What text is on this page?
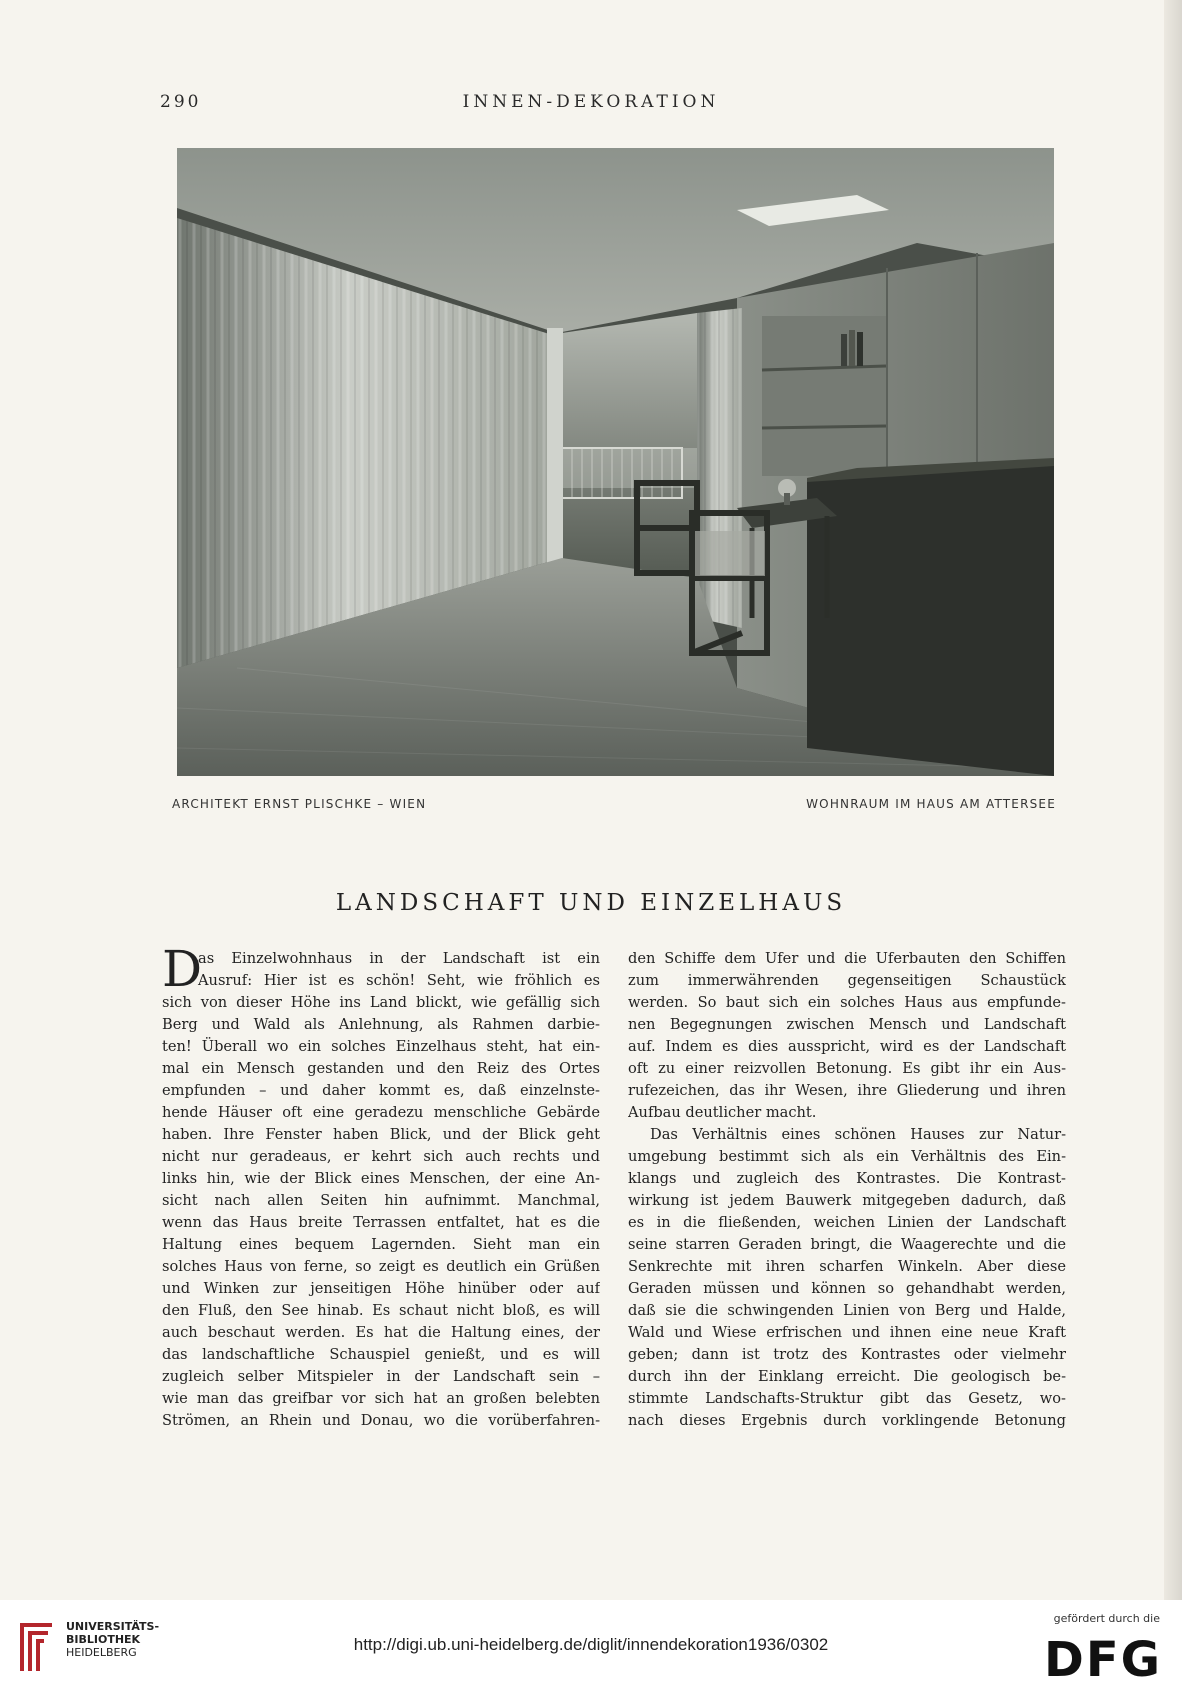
290	INNEN-DEKORATION
ARCHITEKT ERNST PLISCHKE – WIEN	WOHNRAUM IM HAUS AM ATTERSEE
LANDSCHAFT UND EINZELHAUS
D
as Einzelwohnhaus in der Landschaft ist ein
Ausruf: Hier ist es schön! Seht, wie fröhlich es
sich von dieser Höhe ins Land blickt, wie gefällig sich
Berg und Wald als Anlehnung, als Rahmen darbie-
ten! Überall wo ein solches Einzelhaus steht, hat ein-
mal ein Mensch gestanden und den Reiz des Ortes
empfunden – und daher kommt es, daß einzelnste-
hende Häuser oft eine geradezu menschliche Gebärde
haben. Ihre Fenster haben Blick, und der Blick geht
nicht nur geradeaus, er kehrt sich auch rechts und
links hin, wie der Blick eines Menschen, der eine An-
sicht nach allen Seiten hin aufnimmt. Manchmal,
wenn das Haus breite Terrassen entfaltet, hat es die
Haltung eines bequem Lagernden. Sieht man ein
solches Haus von ferne, so zeigt es deutlich ein Grüßen
und Winken zur jenseitigen Höhe hinüber oder auf
den Fluß, den See hinab. Es schaut nicht bloß, es will
auch beschaut werden. Es hat die Haltung eines, der
das landschaftliche Schauspiel genießt, und es will
zugleich selber Mitspieler in der Landschaft sein –
wie man das greifbar vor sich hat an großen belebten
Strömen, an Rhein und Donau, wo die vorüberfahren-
den Schiffe dem Ufer und die Uferbauten den Schiffen
zum immerwährenden gegenseitigen Schaustück
werden. So baut sich ein solches Haus aus empfunde-
nen Begegnungen zwischen Mensch und Landschaft
auf. Indem es dies ausspricht, wird es der Landschaft
oft zu einer reizvollen Betonung. Es gibt ihr ein Aus-
rufezeichen, das ihr Wesen, ihre Gliederung und ihren
Aufbau deutlicher macht.
Das Verhältnis eines schönen Hauses zur Natur-
umgebung bestimmt sich als ein Verhältnis des Ein-
klangs und zugleich des Kontrastes. Die Kontrast-
wirkung ist jedem Bauwerk mitgegeben dadurch, daß
es in die fließenden, weichen Linien der Landschaft
seine starren Geraden bringt, die Waagerechte und die
Senkrechte mit ihren scharfen Winkeln. Aber diese
Geraden müssen und können so gehandhabt werden,
daß sie die schwingenden Linien von Berg und Halde,
Wald und Wiese erfrischen und ihnen eine neue Kraft
geben; dann ist trotz des Kontrastes oder vielmehr
durch ihn der Einklang erreicht. Die geologisch be-
stimmte Landschafts-Struktur gibt das Gesetz, wo-
nach dieses Ergebnis durch vorklingende Betonung
UNIVERSITÄTS-
BIBLIOTHEK
HEIDELBERG	http://digi.ub.uni-heidelberg.de/diglit/innendekoration1936/0302
gefördert durch die
DFG
